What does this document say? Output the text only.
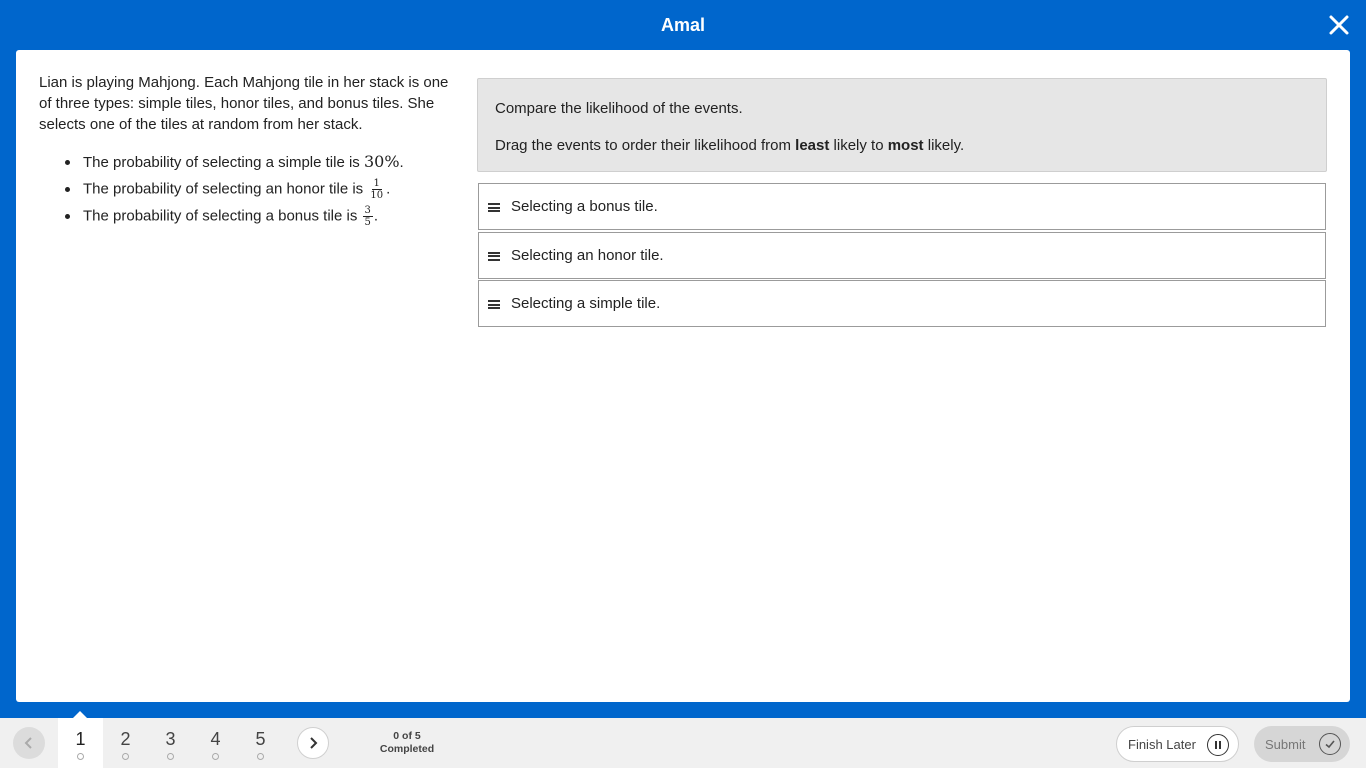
Amal

Lian is playing Mahjong. Each Mahjong tile in her stack is one of three types: simple tiles, honor tiles, and bonus tiles. She selects one of the tiles at random from her stack.

The probability of selecting a simple tile is 30%.
The probability of selecting an honor tile is $\frac{1}{10}$ .
The probability of selecting a bonus tile is $\frac{3}{5}$ .

Compare the likelihood of the events.

Drag the events to order their likelihood from least likely to most likely.

Selecting a bonus tile.
Selecting an honor tile.
Selecting a simple tile.
1	2	3	4	5	0 of 5
Completed	Finish Later	Submit
